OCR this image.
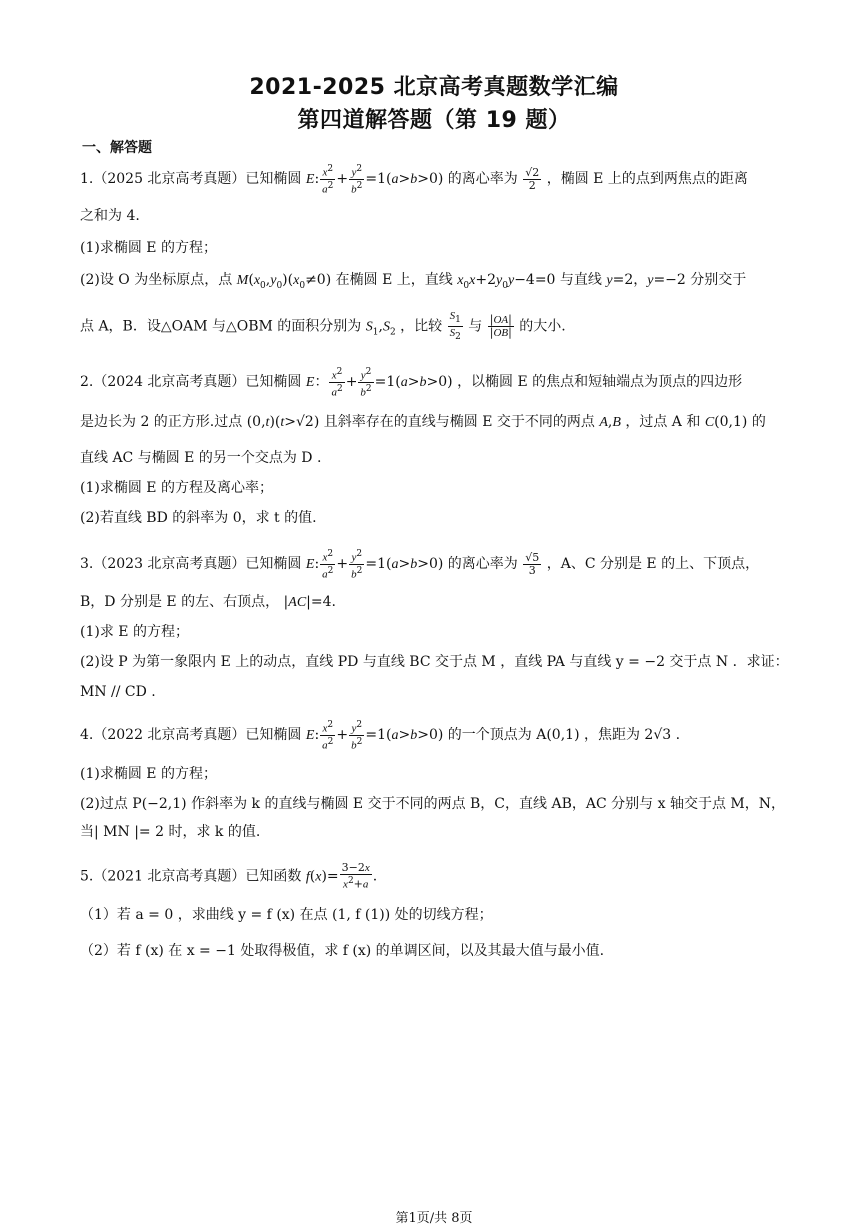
2021-2025 北京高考真题数学汇编
第四道解答题（第 19 题）
一、解答题
1.（2025 北京高考真题）已知椭圆 E: $\frac{x^2}{a^2} + \frac{y^2}{b^2} =1(a>b>0)$ 的离心率为 $\frac{√2}{2}$ ，椭圆 E 上的点到两焦点的距离
之和为 4.
(1)求椭圆 E 的方程；
(2)设 O 为坐标原点，点 $M(x_0,y_0)(x_0\ne 0)$ 在椭圆 E 上，直线 $x_0x+2y_0y-4=0$ 与直线 y=2，y=−2 分别交于
点 A，B．设△OAM 与△OBM 的面积分别为 $S_1,S_2$ ，比较 $\frac{S_1}{S_2}$ 与 $\frac{|OA|}{|OB|}$ 的大小.
2.（2024 北京高考真题）已知椭圆 E： $\frac{x^2}{a^2} + \frac{y^2}{b^2} =1(a>b>0)$ ，以椭圆 E 的焦点和短轴端点为顶点的四边形
是边长为 2 的正方形.过点 (0,t)(t>√2) 且斜率存在的直线与椭圆 E 交于不同的两点 A,B ，过点 A 和 C(0,1) 的
直线 AC 与椭圆 E 的另一个交点为 D .
(1)求椭圆 E 的方程及离心率；
(2)若直线 BD 的斜率为 0，求 t 的值.
3.（2023 北京高考真题）已知椭圆 E: $\frac{x^2}{a^2} + \frac{y^2}{b^2} =1(a>b>0)$ 的离心率为 $\frac{√5}{3}$ ，A、C 分别是 E 的上、下顶点，
B，D 分别是 E 的左、右顶点， |AC|=4.
(1)求 E 的方程；
(2)设 P 为第一象限内 E 上的动点，直线 PD 与直线 BC 交于点 M ，直线 PA 与直线 y = −2 交于点 N ．求证：
MN // CD .
4.（2022 北京高考真题）已知椭圆 E: $\frac{x^2}{a^2} + \frac{y^2}{b^2} =1(a>b>0)$ 的一个顶点为 A(0,1) ，焦距为 2√3 .
(1)求椭圆 E 的方程；
(2)过点 P(−2,1) 作斜率为 k 的直线与椭圆 E 交于不同的两点 B，C，直线 AB，AC 分别与 x 轴交于点 M，N，
当| MN |= 2 时，求 k 的值.
5.（2021 北京高考真题）已知函数 $f(x)= \frac{3-2x}{x^2+a}$ .
（1）若 a = 0 ，求曲线 y = f (x) 在点 (1, f (1)) 处的切线方程；
（2）若 f (x) 在 x = −1 处取得极值，求 f (x) 的单调区间，以及其最大值与最小值.
第1页/共 8页
